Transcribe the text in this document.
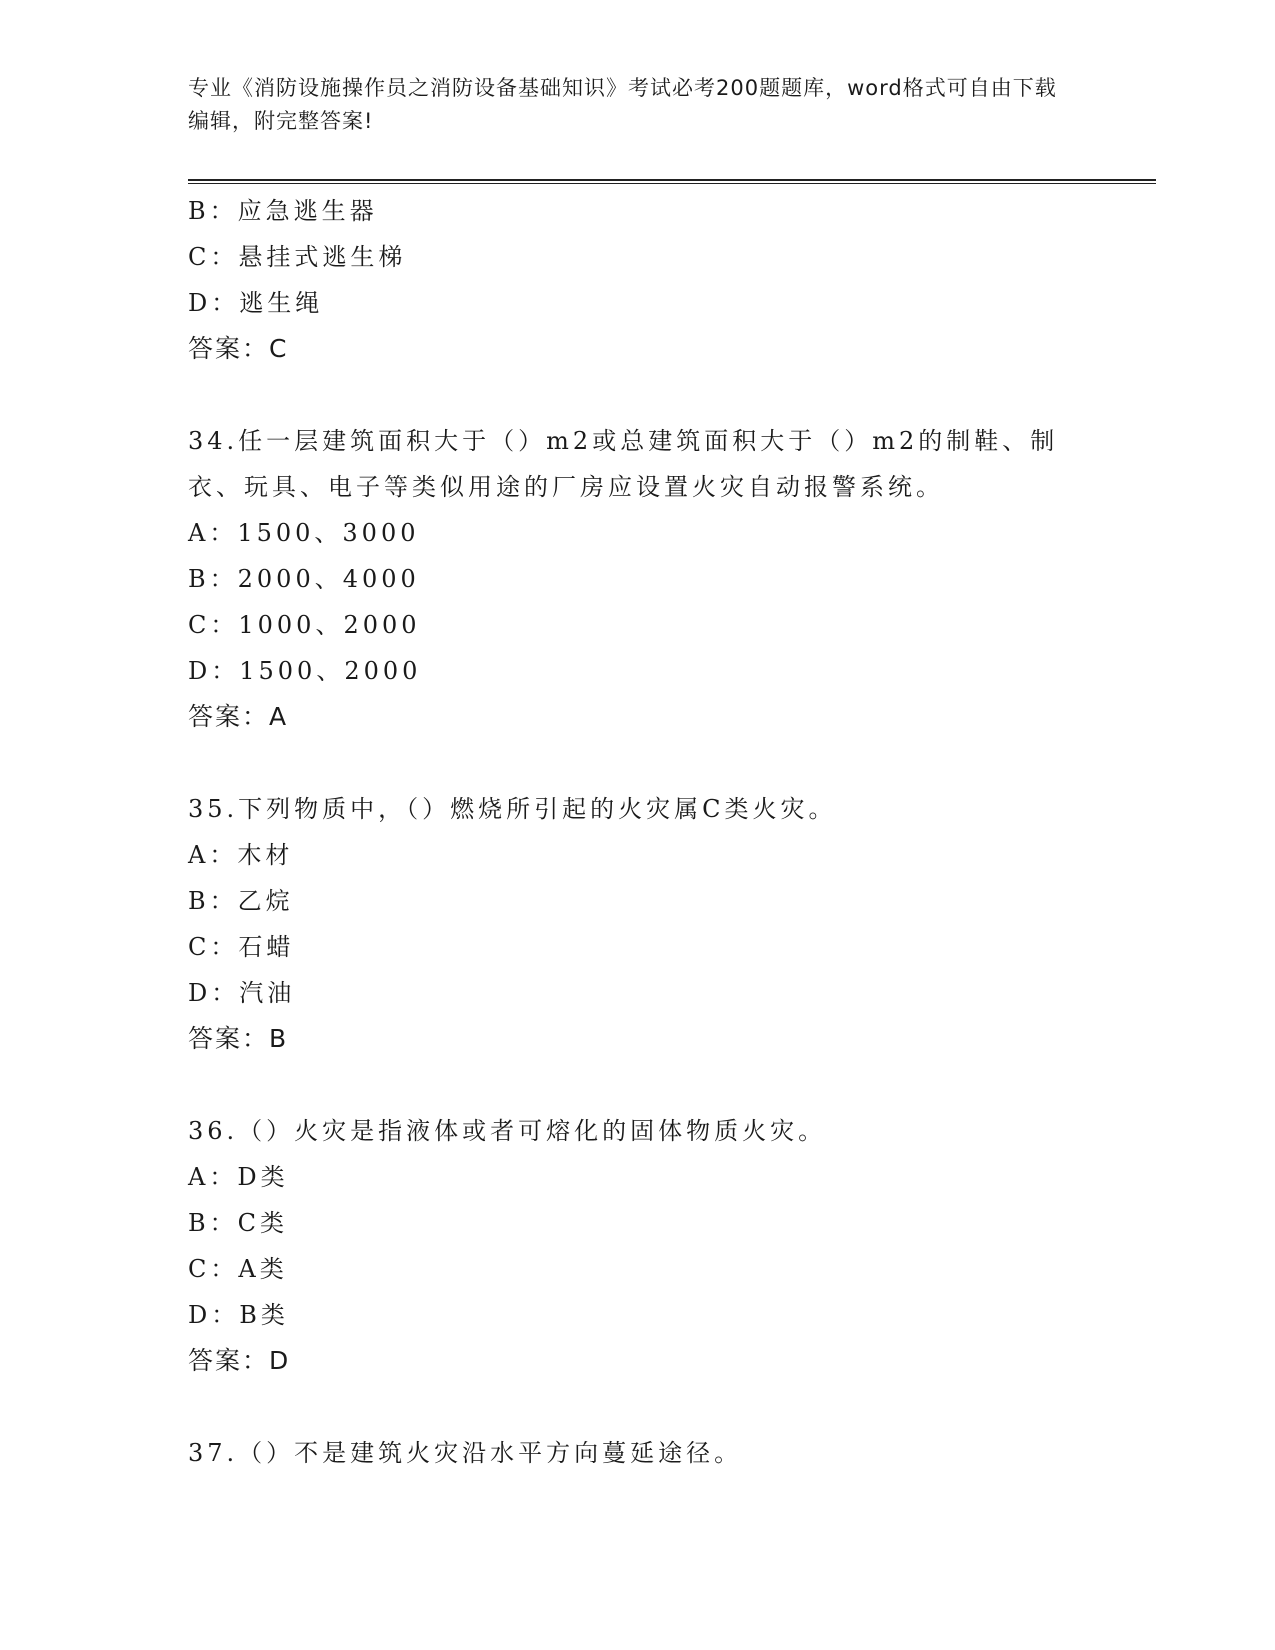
专业《消防设施操作员之消防设备基础知识》考试必考200题题库，word格式可自由下载编辑，附完整答案!
B：应急逃生器
C：悬挂式逃生梯
D：逃生绳
答案：C
34.任一层建筑面积大于（）m2或总建筑面积大于（）m2的制鞋、制衣、玩具、电子等类似用途的厂房应设置火灾自动报警系统。
A：1500、3000
B：2000、4000
C：1000、2000
D：1500、2000
答案：A
35.下列物质中，（）燃烧所引起的火灾属C类火灾。
A：木材
B：乙烷
C：石蜡
D：汽油
答案：B
36.（）火灾是指液体或者可熔化的固体物质火灾。
A：D类
B：C类
C：A类
D：B类
答案：D
37.（）不是建筑火灾沿水平方向蔓延途径。
